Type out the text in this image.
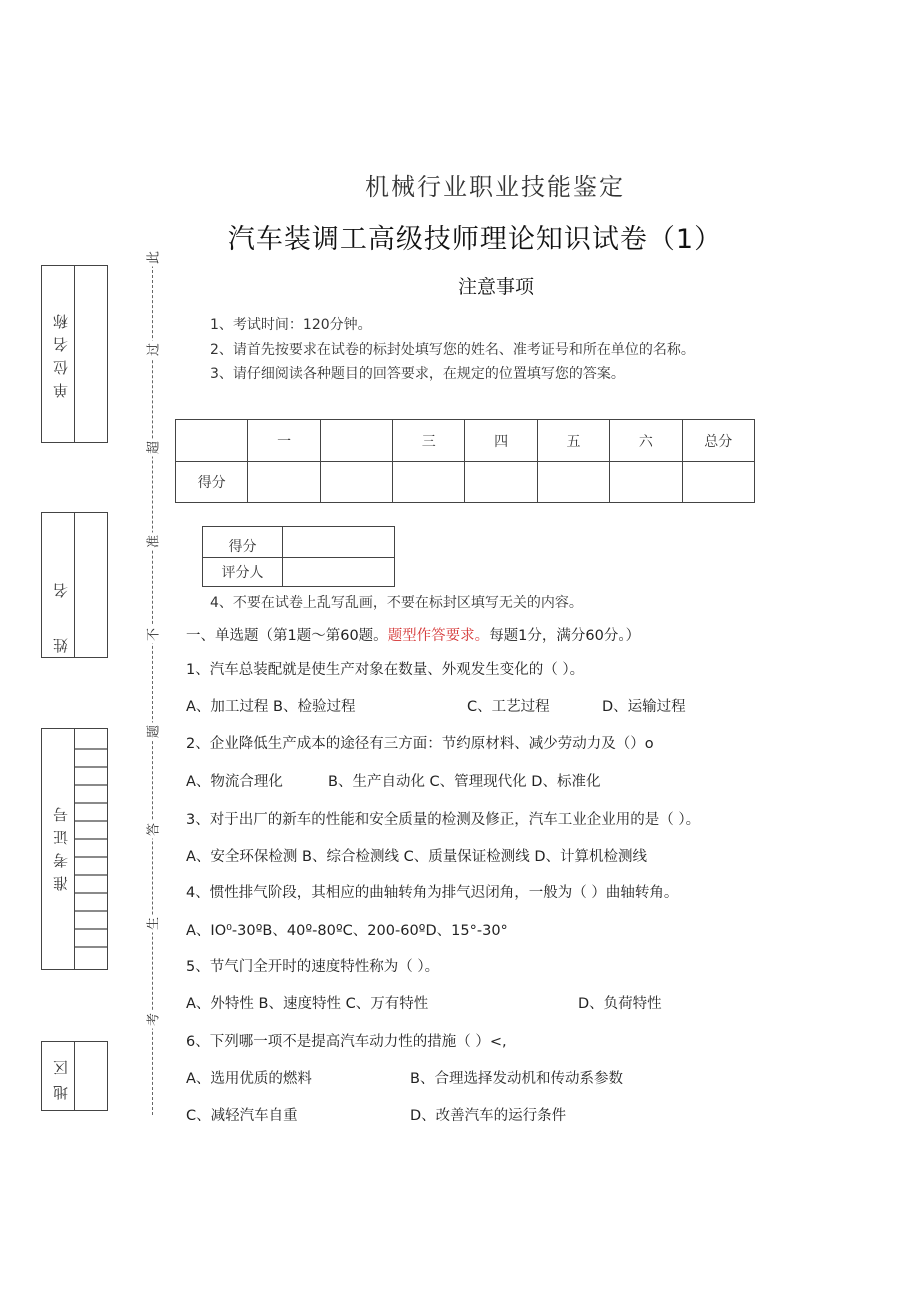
单位名称
姓名
准考证号
地区
此
过
超
准
不
题
答
生
考
机械行业职业技能鉴定
汽车装调工高级技师理论知识试卷（1）
注意事项
1、考试时间：120分钟。
2、请首先按要求在试卷的标封处填写您的姓名、准考证号和所在单位的名称。
3、请仔细阅读各种题目的回答要求，在规定的位置填写您的答案。
	一		三	四	五	六	总分
得分							
得分	
评分人	
4、不要在试卷上乱写乱画，不要在标封区填写无关的内容。
一、单选题（第1题～第60题。题型作答要求。每题1分，满分60分。）
1、汽车总装配就是使生产对象在数量、外观发生变化的（ ）。
A、加工过程 B、检验过程	C、工艺过程	D、运输过程
2、企业降低生产成本的途径有三方面：节约原材料、减少劳动力及（）o
A、物流合理化	B、生产自动化 C、管理现代化 D、标准化
3、对于出厂的新车的性能和安全质量的检测及修正，汽车工业企业用的是（ ）。
A、安全环保检测 B、综合检测线 C、质量保证检测线 D、计算机检测线
4、惯性排气阶段，其相应的曲轴转角为排气迟闭角，一般为（ ）曲轴转角。
A、IO⁰-30ºB、40º-80ºC、200-60ºD、15°-30°
5、节气门全开时的速度特性称为（ ）。
A、外特性 B、速度特性 C、万有特性	D、负荷特性
6、下列哪一项不是提高汽车动力性的措施（ ）<,
A、选用优质的燃料	B、合理选择发动机和传动系参数
C、减轻汽车自重	D、改善汽车的运行条件
